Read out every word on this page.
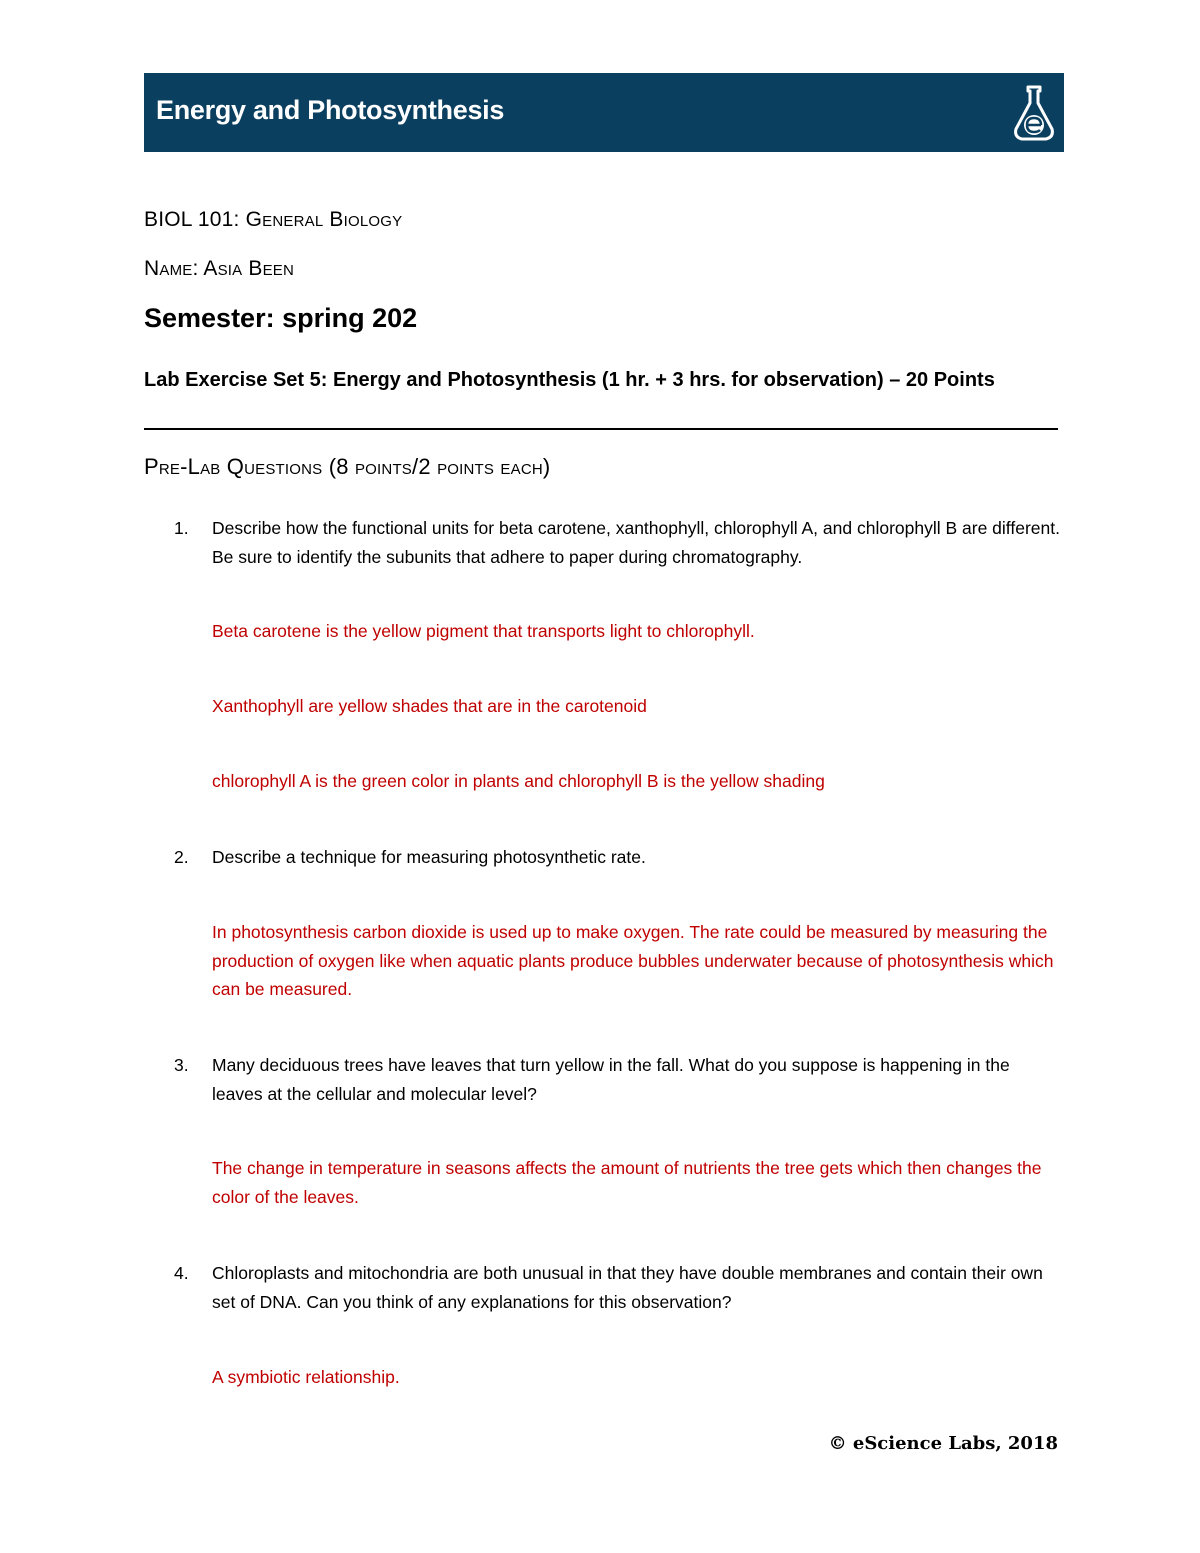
Energy and Photosynthesis
BIOL 101: General Biology
Name: Asia Been
Semester: spring 202
Lab Exercise Set 5: Energy and Photosynthesis (1 hr. + 3 hrs. for observation) – 20 Points
Pre-Lab Questions (8 points/2 points each)
1. Describe how the functional units for beta carotene, xanthophyll, chlorophyll A, and chlorophyll B are different. Be sure to identify the subunits that adhere to paper during chromatography.
Beta carotene is the yellow pigment that transports light to chlorophyll.
Xanthophyll are yellow shades that are in the carotenoid
chlorophyll A is the green color in plants and chlorophyll B is the yellow shading
2. Describe a technique for measuring photosynthetic rate.
In photosynthesis carbon dioxide is used up to make oxygen. The rate could be measured by measuring the production of oxygen like when aquatic plants produce bubbles underwater because of photosynthesis which can be measured.
3. Many deciduous trees have leaves that turn yellow in the fall. What do you suppose is happening in the leaves at the cellular and molecular level?
The change in temperature in seasons affects the amount of nutrients the tree gets which then changes the color of the leaves.
4. Chloroplasts and mitochondria are both unusual in that they have double membranes and contain their own set of DNA. Can you think of any explanations for this observation?
A symbiotic relationship.
© eScience Labs, 2018
